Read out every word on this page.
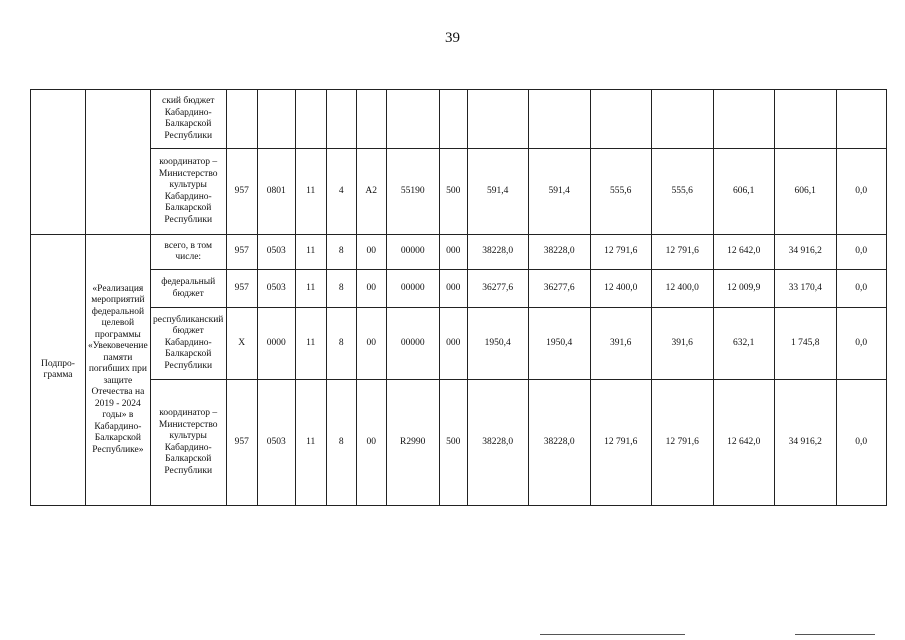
39
		ский бюджет Кабардино-Балкарской Республики														
		координатор – Министерство культуры Кабардино-Балкарской Республики	957	0801	11	4	А2	55190	500	591,4	591,4	555,6	555,6	606,1	606,1	0,0
Подпро-грамма	«Реализация мероприятий федеральной целевой программы «Увековечение памяти погибших при защите Отечества на 2019 - 2024 годы» в Кабардино-Балкарской Республике»	всего, в том числе:	957	0503	11	8	00	00000	000	38228,0	38228,0	12 791,6	12 791,6	12 642,0	34 916,2	0,0
		федеральный бюджет	957	0503	11	8	00	00000	000	36277,6	36277,6	12 400,0	12 400,0	12 009,9	33 170,4	0,0
		республиканский бюджет Кабардино-Балкарской Республики	Х	0000	11	8	00	00000	000	1950,4	1950,4	391,6	391,6	632,1	1 745,8	0,0
		координатор – Министерство культуры Кабардино-Балкарской Республики	957	0503	11	8	00	R2990	500	38228,0	38228,0	12 791,6	12 791,6	12 642,0	34 916,2	0,0
